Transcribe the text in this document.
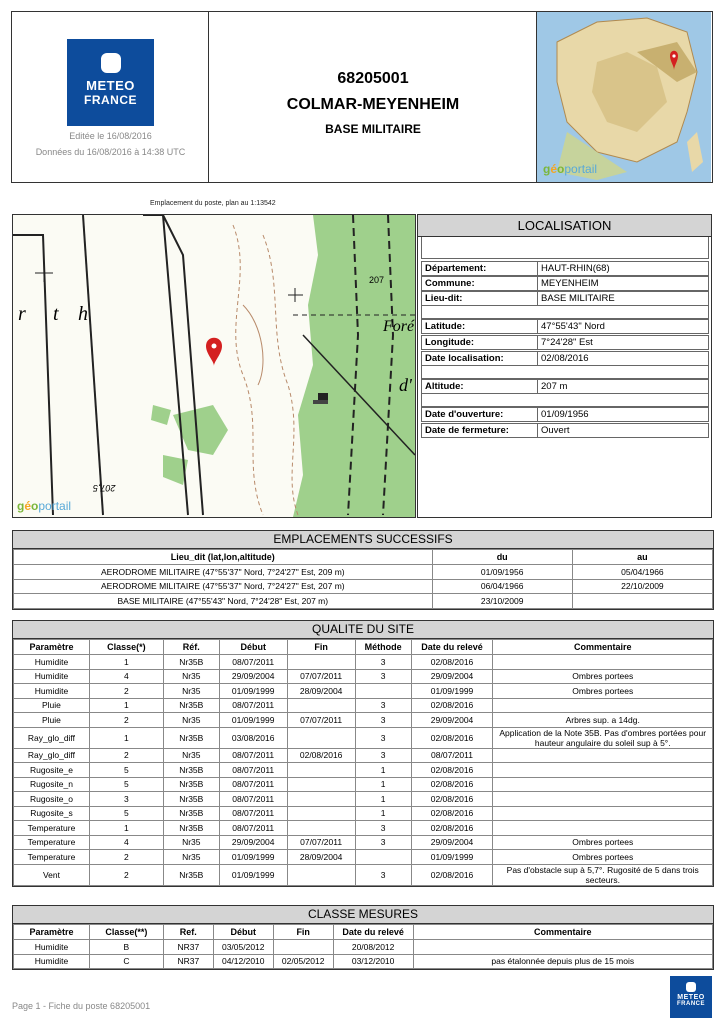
METEO
FRANCE
Editée le 16/08/2016
Données du 16/08/2016 à 14:38 UTC
68205001
COLMAR-MEYENHEIM
BASE MILITAIRE
géoportail
Emplacement du poste, plan au 1:13542
207
Foré
d'
r t h
207,5
géoportail
LOCALISATION
Département:	HAUT-RHIN(68)
Commune:	MEYENHEIM
Lieu-dit:	BASE MILITAIRE
Latitude:	47°55'43" Nord
Longitude:	7°24'28" Est
Date localisation:	02/08/2016
Altitude:	207 m
Date d'ouverture:	01/09/1956
Date de fermeture:	Ouvert
EMPLACEMENTS SUCCESSIFS
Lieu_dit (lat,lon,altitude)	du	au
AERODROME MILITAIRE (47°55'37" Nord, 7°24'27" Est, 209 m)	01/09/1956	05/04/1966
AERODROME MILITAIRE (47°55'37" Nord, 7°24'27" Est, 207 m)	06/04/1966	22/10/2009
BASE MILITAIRE (47°55'43" Nord, 7°24'28" Est, 207 m)	23/10/2009	
QUALITE DU SITE
Paramètre	Classe(*)	Réf.	Début	Fin	Méthode	Date du relevé	Commentaire
Humidite	1	Nr35B	08/07/2011		3	02/08/2016	
Humidite	4	Nr35	29/09/2004	07/07/2011	3	29/09/2004	Ombres portees
Humidite	2	Nr35	01/09/1999	28/09/2004		01/09/1999	Ombres portees
Pluie	1	Nr35B	08/07/2011		3	02/08/2016	
Pluie	2	Nr35	01/09/1999	07/07/2011	3	29/09/2004	Arbres sup. a 14dg.
Ray_glo_diff	1	Nr35B	03/08/2016		3	02/08/2016	Application de la Note 35B. Pas d'ombres portées pour hauteur angulaire du soleil sup à 5°.
Ray_glo_diff	2	Nr35	08/07/2011	02/08/2016	3	08/07/2011	
Rugosite_e	5	Nr35B	08/07/2011		1	02/08/2016	
Rugosite_n	5	Nr35B	08/07/2011		1	02/08/2016	
Rugosite_o	3	Nr35B	08/07/2011		1	02/08/2016	
Rugosite_s	5	Nr35B	08/07/2011		1	02/08/2016	
Temperature	1	Nr35B	08/07/2011		3	02/08/2016	
Temperature	4	Nr35	29/09/2004	07/07/2011	3	29/09/2004	Ombres portees
Temperature	2	Nr35	01/09/1999	28/09/2004		01/09/1999	Ombres portees
Vent	2	Nr35B	01/09/1999		3	02/08/2016	Pas d'obstacle sup à 5,7°. Rugosité de 5 dans trois secteurs.
CLASSE MESURES
Paramètre	Classe(**)	Ref.	Début	Fin	Date du relevé	Commentaire
Humidite	B	NR37	03/05/2012		20/08/2012	
Humidite	C	NR37	04/12/2010	02/05/2012	03/12/2010	pas étalonnée depuis plus de 15 mois
Page 1 - Fiche du poste 68205001
METEO
FRANCE
